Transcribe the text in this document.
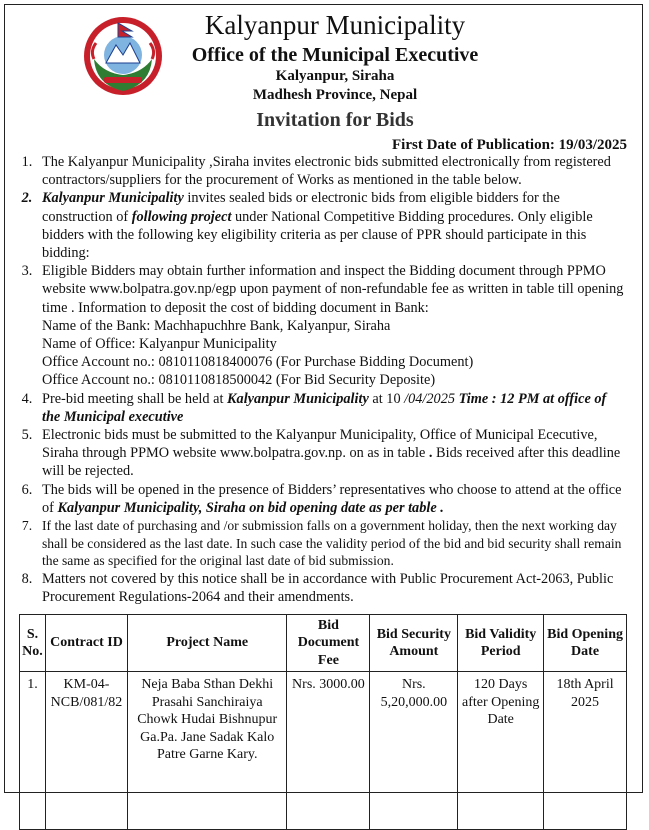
Kalyanpur Municipality
Office of the Municipal Executive
Kalyanpur, Siraha
Madhesh Province, Nepal
Invitation for Bids
First Date of Publication: 19/03/2025
1. The Kalyanpur Municipality ,Siraha invites electronic bids submitted electronically from registered contractors/suppliers for the procurement of Works as mentioned in the table below.
2. Kalyanpur Municipality invites sealed bids or electronic bids from eligible bidders for the construction of following project under National Competitive Bidding procedures. Only eligible bidders with the following key eligibility criteria as per clause of PPR should participate in this bidding:
3. Eligible Bidders may obtain further information and inspect the Bidding document through PPMO website www.bolpatra.gov.np/egp upon payment of non-refundable fee as written in table till opening time . Information to deposit the cost of bidding document in Bank:
Name of the Bank: Machhapuchhre Bank, Kalyanpur, Siraha
Name of Office: Kalyanpur Municipality
Office Account no.: 0810110818400076 (For Purchase Bidding Document)
Office Account no.: 0810110818500042 (For Bid Security Deposite)
4. Pre-bid meeting shall be held at Kalyanpur Municipality at 10 /04/2025 Time : 12 PM at office of the Municipal executive
5. Electronic bids must be submitted to the Kalyanpur Municipality, Office of Municipal Ececutive, Siraha through PPMO website www.bolpatra.gov.np. on as in table . Bids received after this deadline will be rejected.
6. The bids will be opened in the presence of Bidders’ representatives who choose to attend at the office of Kalyanpur Municipality, Siraha on bid opening date as per table .
7. If the last date of purchasing and /or submission falls on a government holiday, then the next working day shall be considered as the last date. In such case the validity period of the bid and bid security shall remain the same as specified for the original last date of bid submission.
8. Matters not covered by this notice shall be in accordance with Public Procurement Act-2063, Public Procurement Regulations-2064 and their amendments.
S. No.	Contract ID	Project Name	Bid Document Fee	Bid Security Amount	Bid Validity Period	Bid Opening Date
1.	KM-04-NCB/081/82	Neja Baba Sthan Dekhi Prasahi Sanchiraiya Chowk Hudai Bishnupur Ga.Pa. Jane Sadak Kalo Patre Garne Kary.	Nrs. 3000.00	Nrs. 5,20,000.00	120 Days after Opening Date	18th April 2025
